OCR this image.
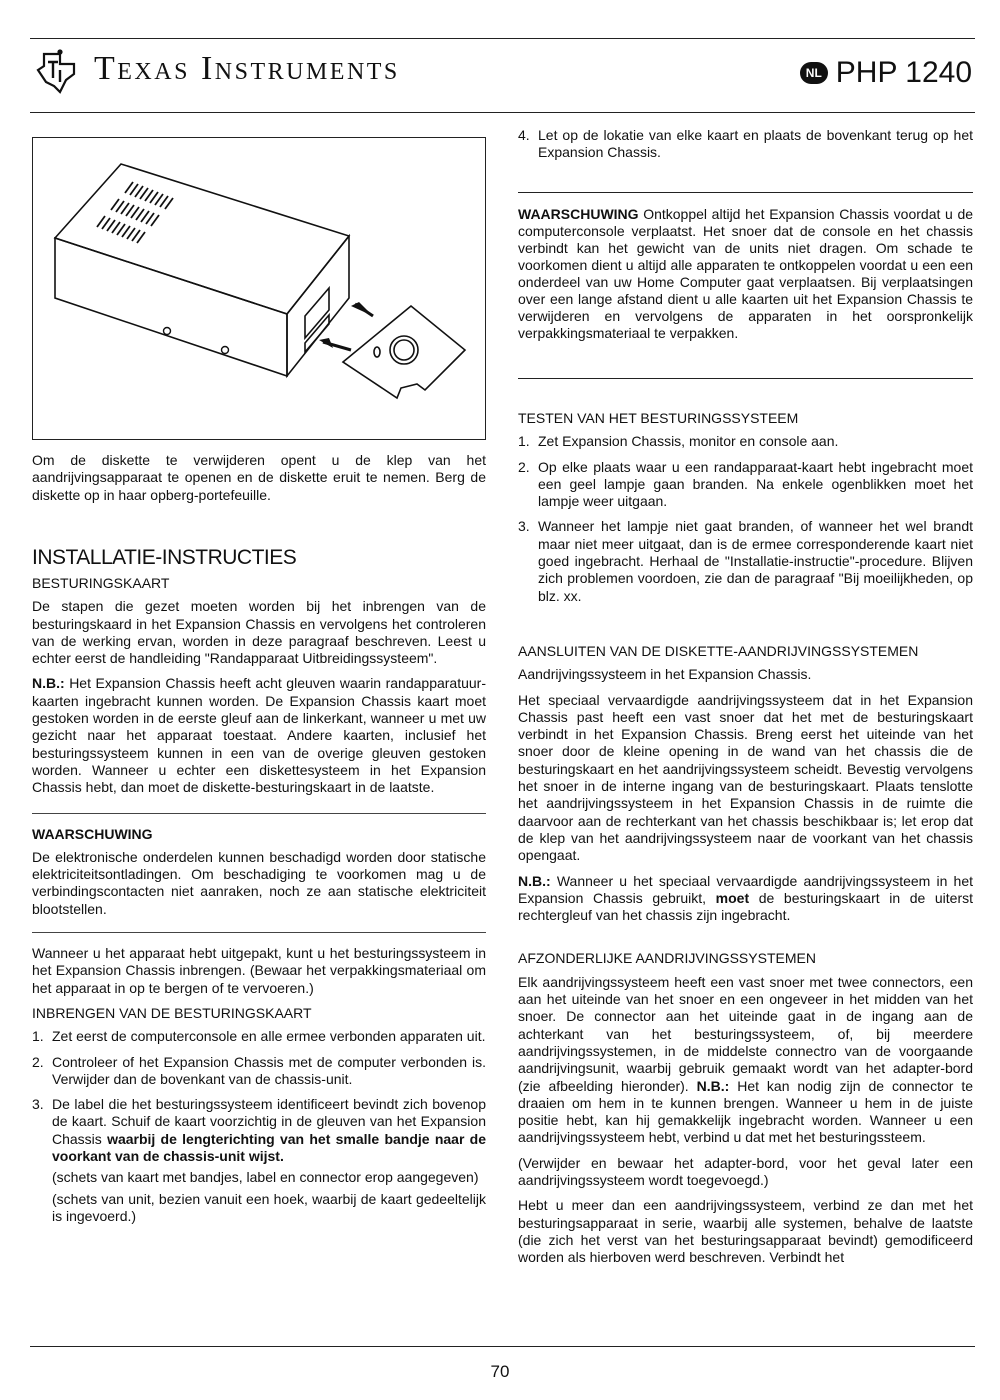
Texas Instruments	NL PHP 1240
4. Let op de lokatie van elke kaart en plaats de bovenkant terug op het Expansion Chassis.
WAARSCHUWING Ontkoppel altijd het Expansion Chassis voordat u de computerconsole verplaatst. Het snoer dat de console en het chassis verbindt kan het gewicht van de units niet dragen. Om schade te voorkomen dient u altijd alle apparaten te ontkoppelen voordat u een een onderdeel van uw Home Computer gaat verplaatsen. Bij verplaatsingen over een lange afstand dient u alle kaarten uit het Expansion Chassis te verwijderen en vervolgens de apparaten in het oorspronkelijk verpakkingsmateriaal te verpakken.
TESTEN VAN HET BESTURINGSSYSTEEM
1. Zet Expansion Chassis, monitor en console aan.
2. Op elke plaats waar u een randapparaat-kaart hebt ingebracht moet een geel lampje gaan branden. Na enkele ogenblikken moet het lampje weer uitgaan.
3. Wanneer het lampje niet gaat branden, of wanneer het wel brandt maar niet meer uitgaat, dan is de ermee corresponderende kaart niet goed ingebracht. Herhaal de "Installatie-instructie"-procedure. Blijven zich problemen voordoen, zie dan de paragraaf "Bij moeilijkheden, op blz. xx.
AANSLUITEN VAN DE DISKETTE-AANDRIJVINGSSYSTEMEN

Aandrijvingssysteem in het Expansion Chassis.

Het speciaal vervaardigde aandrijvingssysteem dat in het Expansion Chassis past heeft een vast snoer dat het met de besturingskaart verbindt in het Expansion Chassis. Breng eerst het uiteinde van het snoer door de kleine opening in de wand van het chassis die de besturingskaart en het aandrijvingssysteem scheidt. Bevestig vervolgens het snoer in de interne ingang van de besturingskaart. Plaats tenslotte het aandrijvingssysteem in het Expansion Chassis in de ruimte die daarvoor aan de rechterkant van het chassis beschikbaar is; let erop dat de klep van het aandrijvingssysteem naar de voorkant van het chassis opengaat.

N.B.: Wanneer u het speciaal vervaardigde aandrijvingssysteem in het Expansion Chassis gebruikt, moet de besturingskaart in de uiterst rechtergleuf van het chassis zijn ingebracht.

AFZONDERLIJKE AANDRIJVINGSSYSTEMEN

Elk aandrijvingssysteem heeft een vast snoer met twee connectors, een aan het uiteinde van het snoer en een ongeveer in het midden van het snoer. De connector aan het uiteinde gaat in de ingang aan de achterkant van het besturingssysteem, of, bij meerdere aandrijvingssystemen, in de middelste connectro van de voorgaande aandrijvingsunit, waarbij gebruik gemaakt wordt van het adapter-bord (zie afbeelding hieronder). N.B.: Het kan nodig zijn de connector te draaien om hem in te kunnen brengen. Wanneer u hem in de juiste positie hebt, kan hij gemakkelijk ingebracht worden. Wanneer u een aandrijvingssysteem hebt, verbind u dat met het besturingssteem.

(Verwijder en bewaar het adapter-bord, voor het geval later een aandrijvingssysteem wordt toegevoegd.)

Hebt u meer dan een aandrijvingssysteem, verbind ze dan met het besturingsapparaat in serie, waarbij alle systemen, behalve de laatste (die zich het verst van het besturingsapparaat bevindt) gemodificeerd worden als hierboven werd beschreven. Verbindt het

Om de diskette te verwijderen opent u de klep van het aandrijvingsapparaat te openen en de diskette eruit te nemen. Berg de diskette op in haar opberg-portefeuille.

INSTALLATIE-INSTRUCTIES
BESTURINGSKAART

De stapen die gezet moeten worden bij het inbrengen van de besturingskaard in het Expansion Chassis en vervolgens het controleren van de werking ervan, worden in deze paragraaf beschreven. Leest u echter eerst de handleiding "Randapparaat Uitbreidingssysteem".

N.B.: Het Expansion Chassis heeft acht gleuven waarin randapparatuur-kaarten ingebracht kunnen worden. De Expansion Chassis kaart moet gestoken worden in de eerste gleuf aan de linkerkant, wanneer u met uw gezicht naar het apparaat toestaat. Andere kaarten, inclusief het besturingssysteem kunnen in een van de overige gleuven gestoken worden. Wanneer u echter een diskettesysteem in het Expansion Chassis hebt, dan moet de diskette-besturingskaart in de laatste.

WAARSCHUWING

De elektronische onderdelen kunnen beschadigd worden door statische elektriciteitsontladingen. Om beschadiging te voorkomen mag u de verbindingscontacten niet aanraken, noch ze aan statische elektriciteit blootstellen.

Wanneer u het apparaat hebt uitgepakt, kunt u het besturingssysteem in het Expansion Chassis inbrengen. (Bewaar het verpakkingsmateriaal om het apparaat in op te bergen of te vervoeren.)

INBRENGEN VAN DE BESTURINGSKAART
1. Zet eerst de computerconsole en alle ermee verbonden apparaten uit.
2. Controleer of het Expansion Chassis met de computer verbonden is. Verwijder dan de bovenkant van de chassis-unit.
3. De label die het besturingssysteem identificeert bevindt zich bovenop de kaart. Schuif de kaart voorzichtig in de gleuven van het Expansion Chassis waarbij de lengterichting van het smalle bandje naar de voorkant van de chassis-unit wijst.
(schets van kaart met bandjes, label en connector erop aangegeven)
(schets van unit, bezien vanuit een hoek, waarbij de kaart gedeeltelijk is ingevoerd.)
70
